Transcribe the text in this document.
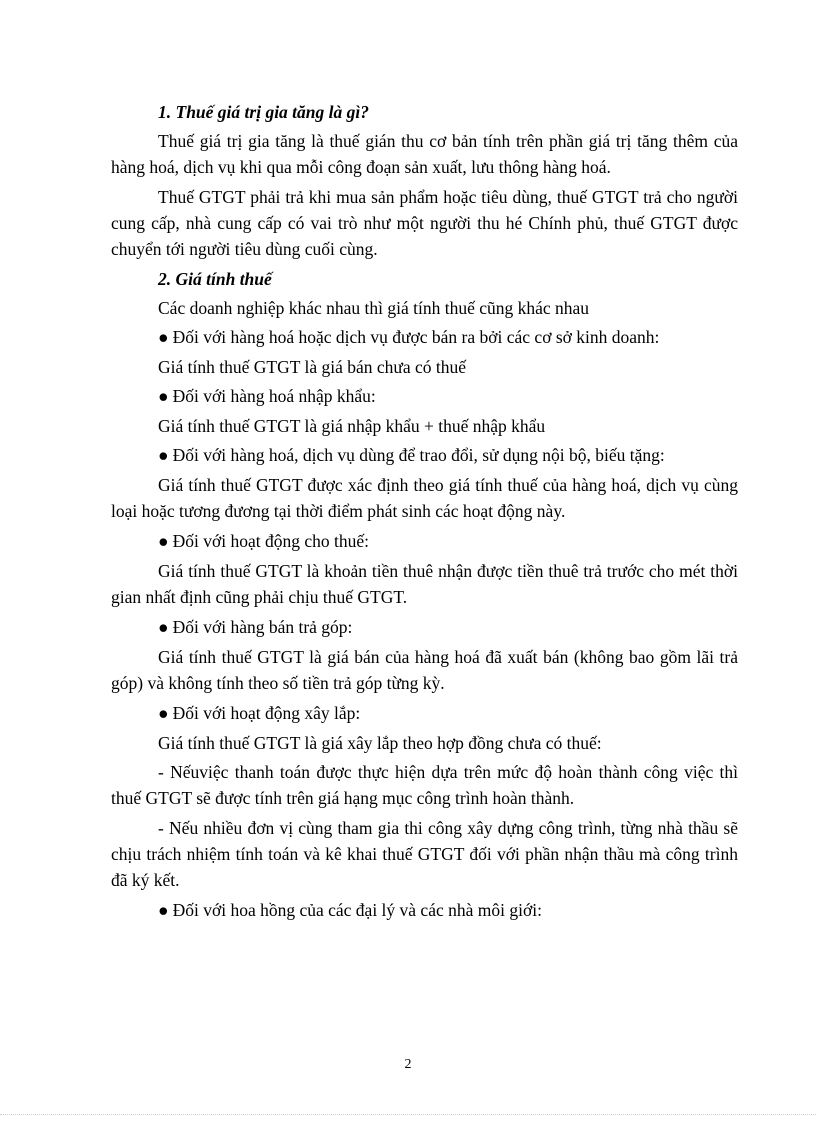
1. Thuế giá trị gia tăng là gì?
Thuế giá trị gia tăng là thuế gián thu cơ bản tính trên phần giá trị tăng thêm của hàng hoá, dịch vụ khi qua mỗi công đoạn sản xuất, lưu thông hàng hoá.
Thuế GTGT phải trả khi mua sản phẩm hoặc tiêu dùng, thuế GTGT trả cho người cung cấp, nhà cung cấp có vai trò như một người thu hé Chính phủ, thuế GTGT được chuyển tới người tiêu dùng cuối cùng.
2. Giá tính thuế
Các doanh nghiệp khác nhau thì giá tính thuế cũng khác nhau
● Đối với hàng hoá hoặc dịch vụ được bán ra bởi các cơ sở kinh doanh:
Giá tính thuế GTGT là giá bán chưa có thuế
● Đối với hàng hoá nhập khẩu:
Giá tính thuế GTGT là giá nhập khẩu + thuế nhập khẩu
● Đối với hàng hoá, dịch vụ dùng để trao đổi, sử dụng nội bộ, biếu tặng:
Giá tính thuế GTGT được xác định theo giá tính thuế của hàng hoá, dịch vụ cùng loại hoặc tương đương tại thời điểm phát sinh các hoạt động này.
● Đối với hoạt động cho thuế:
Giá tính thuế GTGT là khoản tiền thuê nhận được tiền thuê trả trước cho mét thời gian nhất định cũng phải chịu thuế GTGT.
● Đối với hàng bán trả góp:
Giá tính thuế GTGT là giá bán của hàng hoá đã xuất bán (không bao gồm lãi trả góp) và không tính theo số tiền trả góp từng kỳ.
● Đối với hoạt động xây lắp:
Giá tính thuế GTGT là giá xây lắp theo hợp đồng chưa có thuế:
- Nếuviệc thanh toán được thực hiện dựa trên mức độ hoàn thành công việc thì thuế GTGT sẽ được tính trên giá hạng mục công trình hoàn thành.
- Nếu nhiều đơn vị cùng tham gia thi công xây dựng công trình, từng nhà thầu sẽ chịu trách nhiệm tính toán và kê khai thuế GTGT đối với phần nhận thầu mà công trình đã ký kết.
● Đối với hoa hồng của các đại lý và các nhà môi giới:
2
